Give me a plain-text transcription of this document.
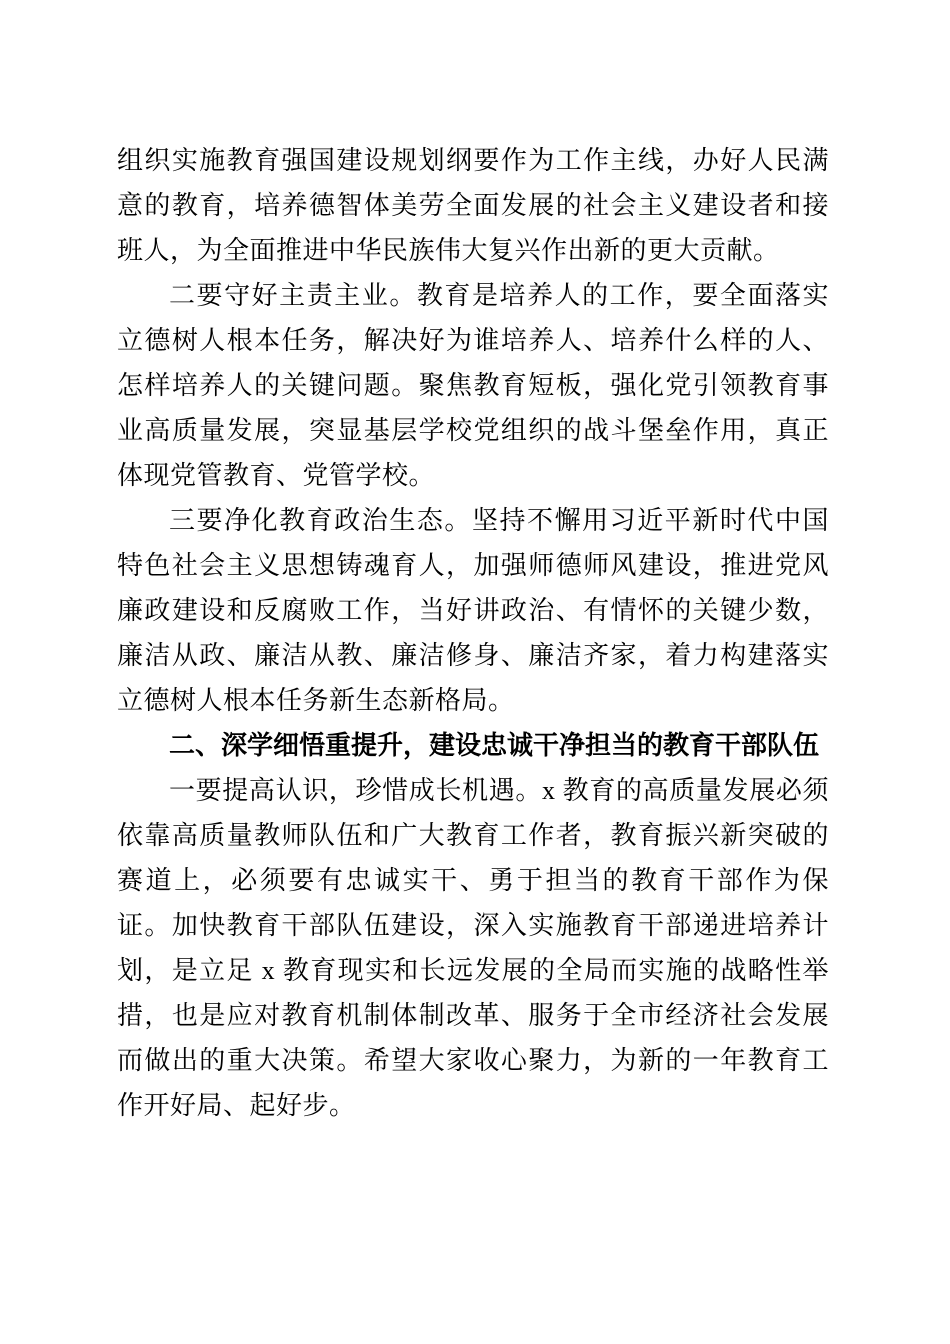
组织实施教育强国建设规划纲要作为工作主线，办好人民满意的教育，培养德智体美劳全面发展的社会主义建设者和接班人，为全面推进中华民族伟大复兴作出新的更大贡献。

二要守好主责主业。教育是培养人的工作，要全面落实立德树人根本任务，解决好为谁培养人、培养什么样的人、怎样培养人的关键问题。聚焦教育短板，强化党引领教育事业高质量发展，突显基层学校党组织的战斗堡垒作用，真正体现党管教育、党管学校。

三要净化教育政治生态。坚持不懈用习近平新时代中国特色社会主义思想铸魂育人，加强师德师风建设，推进党风廉政建设和反腐败工作，当好讲政治、有情怀的关键少数，廉洁从政、廉洁从教、廉洁修身、廉洁齐家，着力构建落实立德树人根本任务新生态新格局。

二、深学细悟重提升，建设忠诚干净担当的教育干部队伍

一要提高认识，珍惜成长机遇。x 教育的高质量发展必须依靠高质量教师队伍和广大教育工作者，教育振兴新突破的赛道上，必须要有忠诚实干、勇于担当的教育干部作为保证。加快教育干部队伍建设，深入实施教育干部递进培养计划，是立足 x 教育现实和长远发展的全局而实施的战略性举措，也是应对教育机制体制改革、服务于全市经济社会发展而做出的重大决策。希望大家收心聚力，为新的一年教育工作开好局、起好步。
